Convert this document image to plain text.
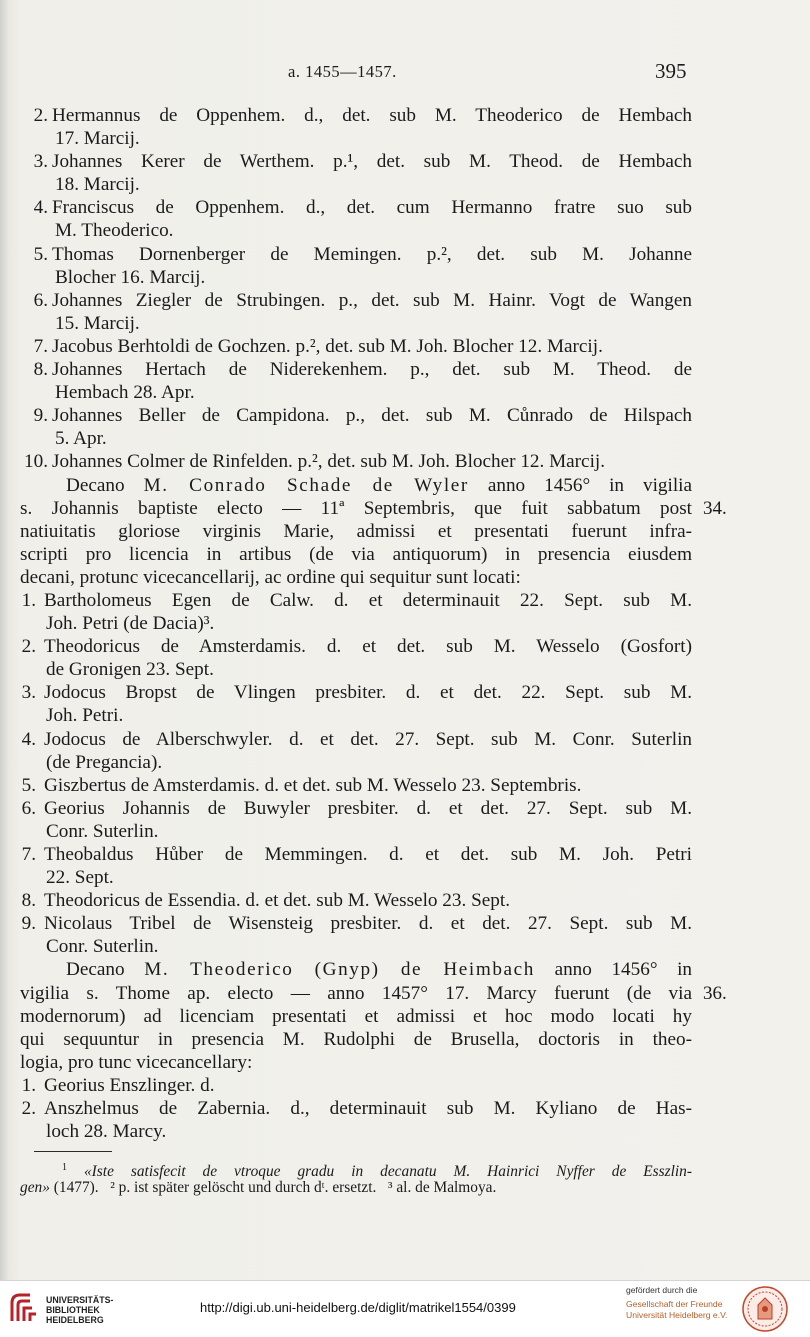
a. 1455—1457.	395
2. Hermannus de Oppenhem. d., det. sub M. Theoderico de Hembach
17. Marcij.
3. Johannes Kerer de Werthem. p.¹, det. sub M. Theod. de Hembach
18. Marcij.
4. Franciscus de Oppenhem. d., det. cum Hermanno fratre suo sub
M. Theoderico.
5. Thomas Dornenberger de Memingen. p.², det. sub M. Johanne
Blocher 16. Marcij.
6. Johannes Ziegler de Strubingen. p., det. sub M. Hainr. Vogt de Wangen
15. Marcij.
7. Jacobus Berhtoldi de Gochzen. p.², det. sub M. Joh. Blocher 12. Marcij.
8. Johannes Hertach de Niderekenhem. p., det. sub M. Theod. de
Hembach 28. Apr.
9. Johannes Beller de Campidona. p., det. sub M. Cůnrado de Hilspach
5. Apr.
10. Johannes Colmer de Rinfelden. p.², det. sub M. Joh. Blocher 12. Marcij.
Decano M. Conrado Schade de Wyler anno 1456° in vigilia
s. Johannis baptiste electo — 11ª Septembris, que fuit sabbatum post 34.
natiuitatis gloriose virginis Marie, admissi et presentati fuerunt infra-
scripti pro licencia in artibus (de via antiquorum) in presencia eiusdem
decani, protunc vicecancellarij, ac ordine qui sequitur sunt locati:
1. Bartholomeus Egen de Calw. d. et determinauit 22. Sept. sub M.
Joh. Petri (de Dacia)³.
2. Theodoricus de Amsterdamis. d. et det. sub M. Wesselo (Gosfort)
de Gronigen 23. Sept.
3. Jodocus Bropst de Vlingen presbiter. d. et det. 22. Sept. sub M.
Joh. Petri.
4. Jodocus de Alberschwyler. d. et det. 27. Sept. sub M. Conr. Suterlin
(de Pregancia).
5. Giszbertus de Amsterdamis. d. et det. sub M. Wesselo 23. Septembris.
6. Georius Johannis de Buwyler presbiter. d. et det. 27. Sept. sub M.
Conr. Suterlin.
7. Theobaldus Hůber de Memmingen. d. et det. sub M. Joh. Petri
22. Sept.
8. Theodoricus de Essendia. d. et det. sub M. Wesselo 23. Sept.
9. Nicolaus Tribel de Wisensteig presbiter. d. et det. 27. Sept. sub M.
Conr. Suterlin.
Decano M. Theoderico (Gnyp) de Heimbach anno 1456° in
vigilia s. Thome ap. electo — anno 1457° 17. Marcy fuerunt (de via 36.
modernorum) ad licenciam presentati et admissi et hoc modo locati hy
qui sequuntur in presencia M. Rudolphi de Brusella, doctoris in theo-
logia, pro tunc vicecancellary:
1. Georius Enszlinger. d.
2. Anszhelmus de Zabernia. d., determinauit sub M. Kyliano de Has-
loch 28. Marcy.
$^1$ «Iste satisfecit de vtroque gradu in decanatu M. Hainrici Nyffer de Esszlin-
gen» (1477).   ² p. ist später gelöscht und durch dᵗ. ersetzt.   ³ al. de Malmoya.
UNIVERSITÄTS-
BIBLIOTHEK
HEIDELBERG
http://digi.ub.uni-heidelberg.de/diglit/matrikel1554/0399
gefördert durch die
Gesellschaft der Freunde
Universität Heidelberg e.V.
